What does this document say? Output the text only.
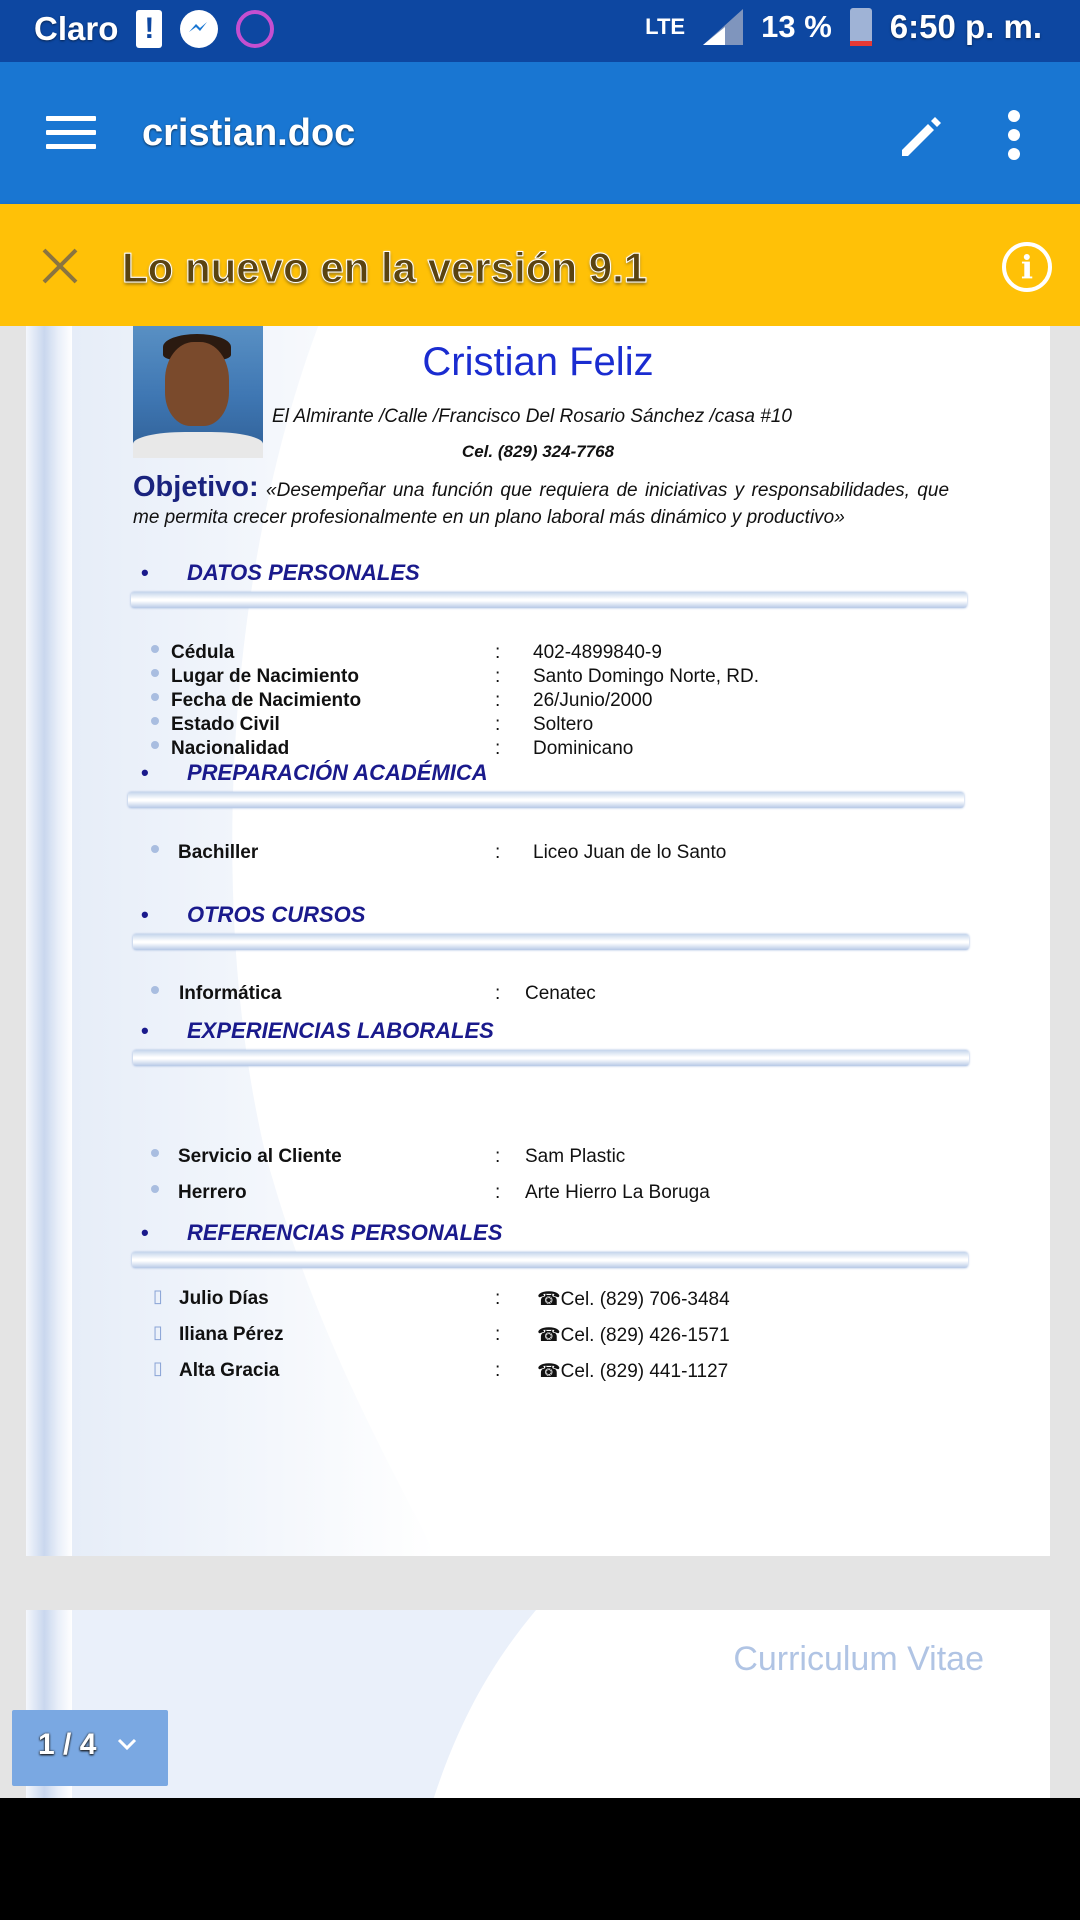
Claro !	LTE 13 % 6:50 p. m.
cristian.doc
Lo nuevo en la versión 9.1	i
Cristian Feliz
El Almirante /Calle /Francisco Del Rosario Sánchez /casa #10
Cel. (829) 324-7768
Objetivo: «Desempeñar una función que requiera de iniciativas y responsabilidades, que me permita crecer profesionalmente en un plano laboral más dinámico y productivo»
• DATOS PERSONALES
Cédula	: 402-4899840-9
Lugar de Nacimiento	: Santo Domingo Norte, RD.
Fecha de Nacimiento	: 26/Junio/2000
Estado Civil	: Soltero
Nacionalidad	: Dominicano
• PREPARACIÓN ACADÉMICA
Bachiller	: Liceo Juan de lo Santo
• OTROS CURSOS
Informática	: Cenatec
• EXPERIENCIAS LABORALES
Servicio al Cliente	: Sam Plastic
Herrero	: Arte Hierro La Boruga
• REFERENCIAS PERSONALES
▯ Julio Días	: ☎Cel. (829) 706-3484
▯ Iliana Pérez	: ☎Cel. (829) 426-1571
▯ Alta Gracia	: ☎Cel. (829) 441-1127
Curriculum Vitae
1 / 4
